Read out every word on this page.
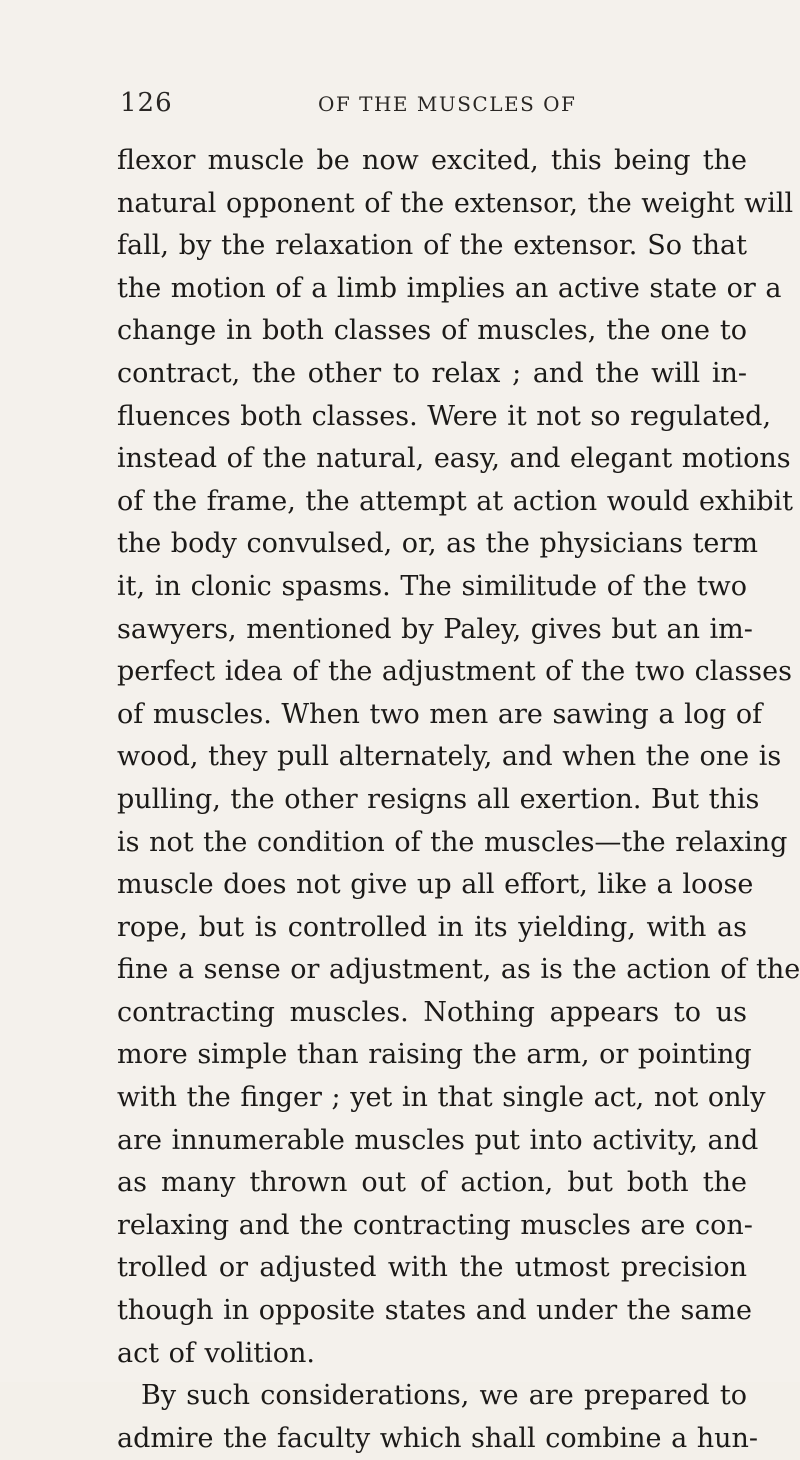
126	OF THE MUSCLES OF
flexor muscle be now excited, this being the
natural opponent of the extensor, the weight will
fall, by the relaxation of the extensor. So that
the motion of a limb implies an active state or a
change in both classes of muscles, the one to
contract, the other to relax ; and the will in-
fluences both classes. Were it not so regulated,
instead of the natural, easy, and elegant motions
of the frame, the attempt at action would exhibit
the body convulsed, or, as the physicians term
it, in clonic spasms. The similitude of the two
sawyers, mentioned by Paley, gives but an im-
perfect idea of the adjustment of the two classes
of muscles. When two men are sawing a log of
wood, they pull alternately, and when the one is
pulling, the other resigns all exertion. But this
is not the condition of the muscles—the relaxing
muscle does not give up all effort, like a loose
rope, but is controlled in its yielding, with as
fine a sense or adjustment, as is the action of the
contracting muscles. Nothing appears to us
more simple than raising the arm, or pointing
with the finger ; yet in that single act, not only
are innumerable muscles put into activity, and
as many thrown out of action, but both the
relaxing and the contracting muscles are con-
trolled or adjusted with the utmost precision
though in opposite states and under the same
act of volition.
By such considerations, we are prepared to
admire the faculty which shall combine a hun-
